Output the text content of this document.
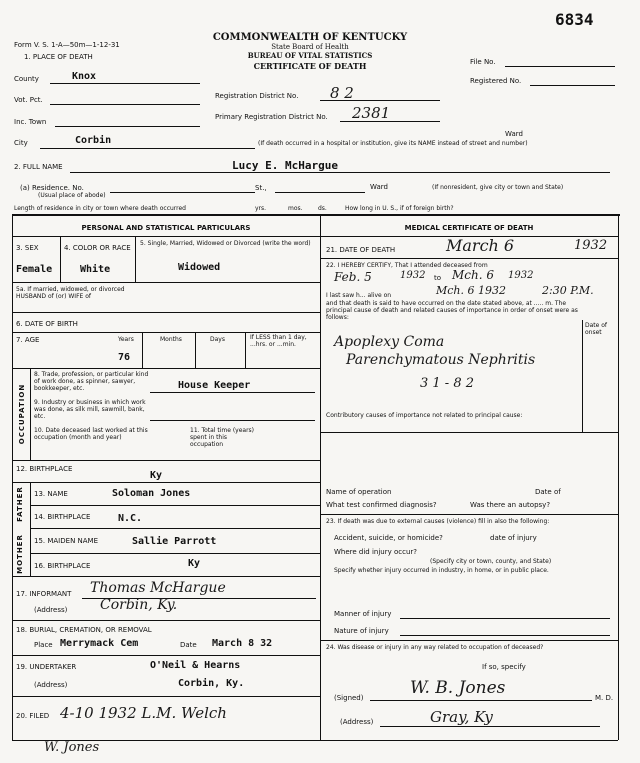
6834
Form V. S. 1-A—50m—1-12-31
COMMONWEALTH OF KENTUCKY
State Board of Health
BUREAU OF VITAL STATISTICS
CERTIFICATE OF DEATH	File No.
Registered No.
1. PLACE OF DEATH
County	Knox
Registration District No. 8 2
Vot. Pct.
Primary Registration District No. 2381
Inc. Town
City	Corbin
Ward
(If death occurred in a hospital or institution, give its NAME instead of street and number)
2. FULL NAME	Lucy E. McHargue
(a) Residence. No.
(Usual place of abode)
St.,	Ward	(If nonresident, give city or town and State)
Length of residence in city or town where death occurred	yrs.	mos.	ds.	How long in U. S., if of foreign birth?
PERSONAL AND STATISTICAL PARTICULARS
3. SEX	4. COLOR OR RACE
5. Single, Married, Widowed or Divorced (write the word)
Female	White	Widowed
5a. If married, widowed, or divorced HUSBAND of (or) WIFE of
6. DATE OF BIRTH
7. AGE	Years	Months	Days	If LESS than 1 day, ...hrs. or ...min.
76
OCCUPATION
8. Trade, profession, or particular kind of work done, as spinner, sawyer, bookkeeper, etc.	House Keeper
9. Industry or business in which work was done, as silk mill, sawmill, bank, etc.
10. Date deceased last worked at this occupation (month and year)
11. Total time (years) spent in this occupation
12. BIRTHPLACE
Ky
FATHER
MOTHER
13. NAME	Soloman Jones
14. BIRTHPLACE	N.C.
15. MAIDEN NAME	Sallie Parrott
16. BIRTHPLACE	Ky
17. INFORMANT Thomas McHargue
(Address) Corbin, Ky.
18. BURIAL, CREMATION, OR REMOVAL
Place Merrymack Cem	Date March 8 32
19. UNDERTAKER	O'Neil & Hearns
(Address)	Corbin, Ky.
20. FILED 4-10 1932 L.M. Welch
W. Jones
MEDICAL CERTIFICATE OF DEATH
21. DATE OF DEATH	March 6	1932
22. I HEREBY CERTIFY, That I attended deceased from
Feb. 5	1932 to Mch. 6 1932
I last saw h... alive on	Mch. 6 1932	2:30 P.M.
and that death is said to have occurred on the date stated above, at ..... m. The principal cause of death and related causes of importance in order of onset were as follows:
Date of onset
Apoplexy Coma
Parenchymatous Nephritis
3 1 - 8 2
Contributory causes of importance not related to principal cause:
Name of operation	Date of
What test confirmed diagnosis?	Was there an autopsy?
23. If death was due to external causes (violence) fill in also the following:
Accident, suicide, or homicide?	date of injury
Where did injury occur?
(Specify city or town, county, and State)
Specify whether injury occurred in industry, in home, or in public place.
Manner of injury
Nature of injury
24. Was disease or injury in any way related to occupation of deceased?
If so, specify
(Signed)	W. B. Jones	M. D.
(Address)	Gray, Ky
